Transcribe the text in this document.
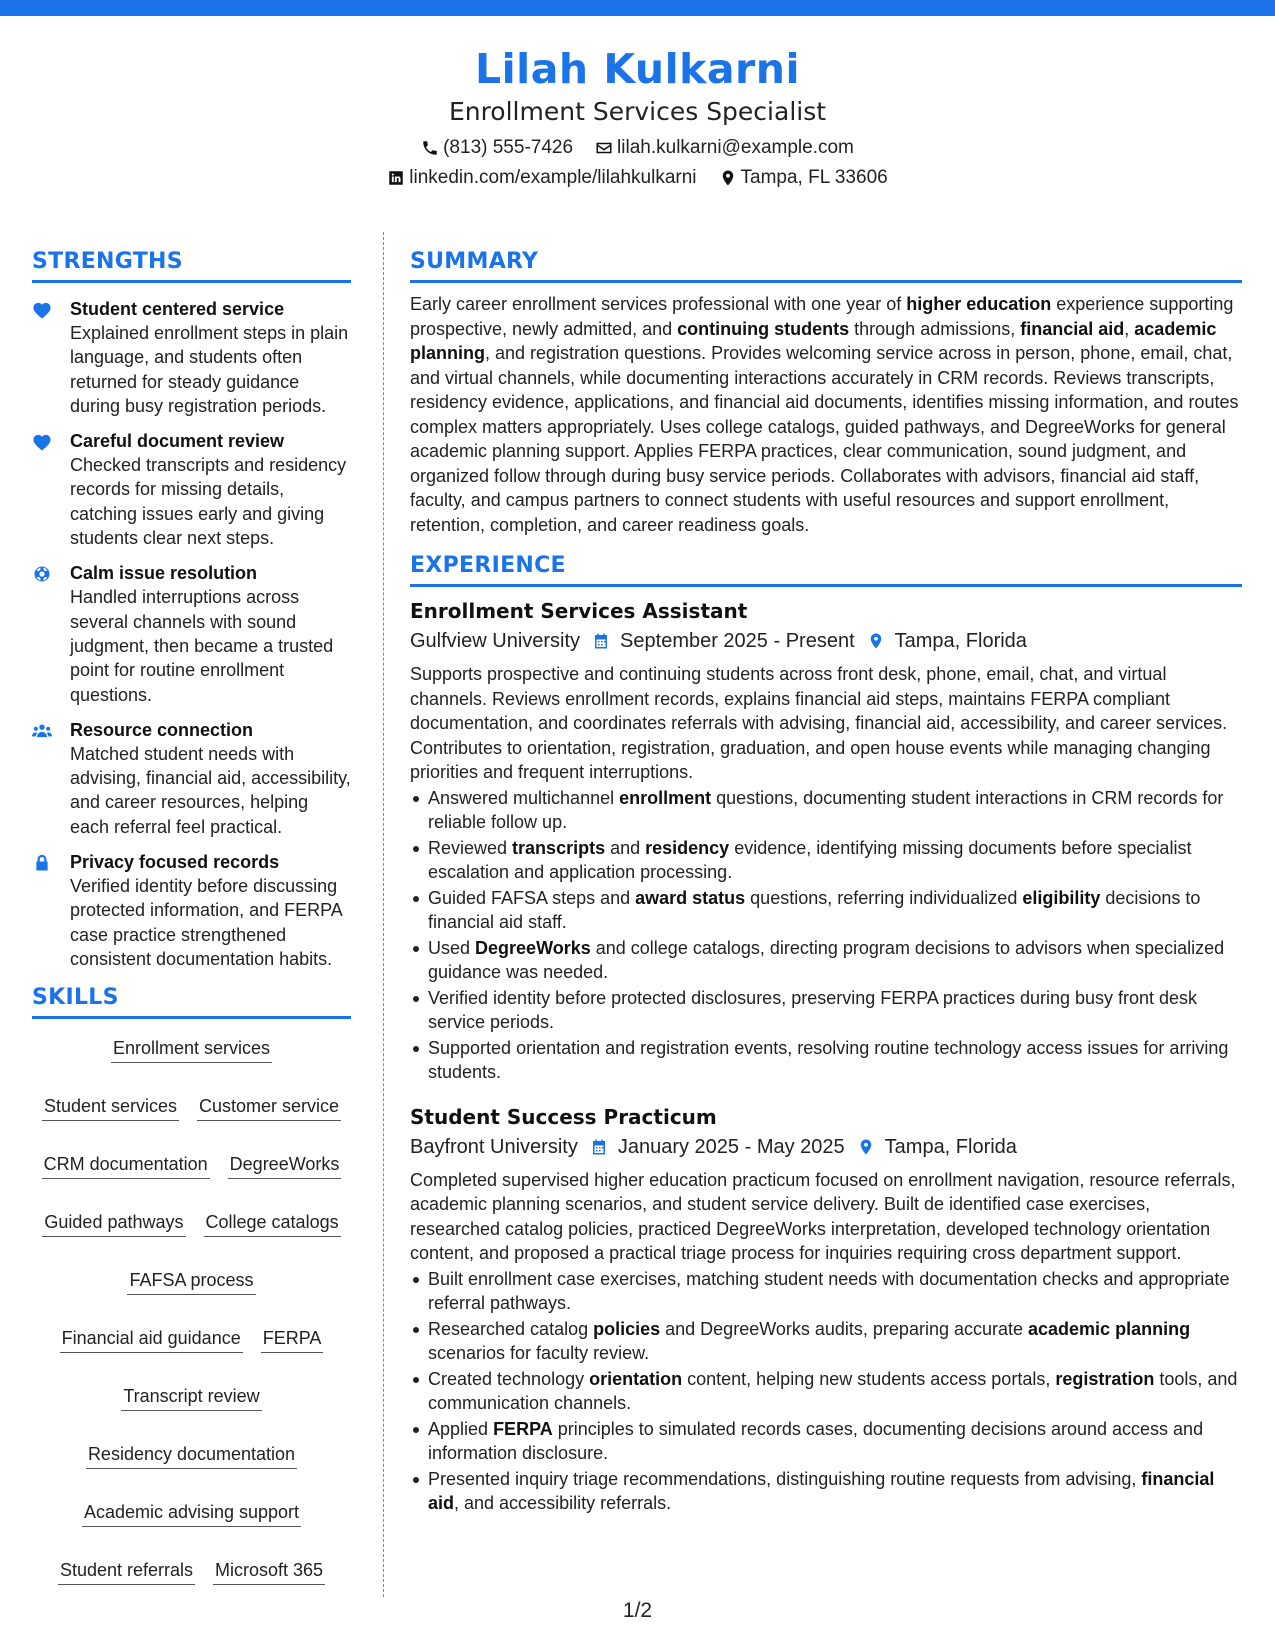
Lilah Kulkarni
Enrollment Services Specialist
(813) 555-7426 lilah.kulkarni@example.com
linkedin.com/example/lilahkulkarni Tampa, FL 33606
STRENGTHS
Student centered service
Explained enrollment steps in plain language, and students often returned for steady guidance during busy registration periods.
Careful document review
Checked transcripts and residency records for missing details, catching issues early and giving students clear next steps.
Calm issue resolution
Handled interruptions across several channels with sound judgment, then became a trusted point for routine enrollment questions.
Resource connection
Matched student needs with advising, financial aid, accessibility, and career resources, helping each referral feel practical.
Privacy focused records
Verified identity before discussing protected information, and FERPA case practice strengthened consistent documentation habits.
SKILLS
Enrollment services
Student services Customer service
CRM documentation DegreeWorks
Guided pathways College catalogs
FAFSA process
Financial aid guidance FERPA
Transcript review
Residency documentation
Academic advising support
Student referrals Microsoft 365
SUMMARY
Early career enrollment services professional with one year of higher education experience supporting prospective, newly admitted, and continuing students through admissions, financial aid, academic planning, and registration questions. Provides welcoming service across in person, phone, email, chat, and virtual channels, while documenting interactions accurately in CRM records. Reviews transcripts, residency evidence, applications, and financial aid documents, identifies missing information, and routes complex matters appropriately. Uses college catalogs, guided pathways, and DegreeWorks for general academic planning support. Applies FERPA practices, clear communication, sound judgment, and organized follow through during busy service periods. Collaborates with advisors, financial aid staff, faculty, and campus partners to connect students with useful resources and support enrollment, retention, completion, and career readiness goals.
EXPERIENCE
Enrollment Services Assistant
Gulfview University September 2025 - Present Tampa, Florida
Supports prospective and continuing students across front desk, phone, email, chat, and virtual channels. Reviews enrollment records, explains financial aid steps, maintains FERPA compliant documentation, and coordinates referrals with advising, financial aid, accessibility, and career services. Contributes to orientation, registration, graduation, and open house events while managing changing priorities and frequent interruptions.
Answered multichannel enrollment questions, documenting student interactions in CRM records for reliable follow up.
Reviewed transcripts and residency evidence, identifying missing documents before specialist escalation and application processing.
Guided FAFSA steps and award status questions, referring individualized eligibility decisions to financial aid staff.
Used DegreeWorks and college catalogs, directing program decisions to advisors when specialized guidance was needed.
Verified identity before protected disclosures, preserving FERPA practices during busy front desk service periods.
Supported orientation and registration events, resolving routine technology access issues for arriving students.
Student Success Practicum
Bayfront University January 2025 - May 2025 Tampa, Florida
Completed supervised higher education practicum focused on enrollment navigation, resource referrals, academic planning scenarios, and student service delivery. Built de identified case exercises, researched catalog policies, practiced DegreeWorks interpretation, developed technology orientation content, and proposed a practical triage process for inquiries requiring cross department support.
Built enrollment case exercises, matching student needs with documentation checks and appropriate referral pathways.
Researched catalog policies and DegreeWorks audits, preparing accurate academic planning scenarios for faculty review.
Created technology orientation content, helping new students access portals, registration tools, and communication channels.
Applied FERPA principles to simulated records cases, documenting decisions around access and information disclosure.
Presented inquiry triage recommendations, distinguishing routine requests from advising, financial aid, and accessibility referrals.
1/2
